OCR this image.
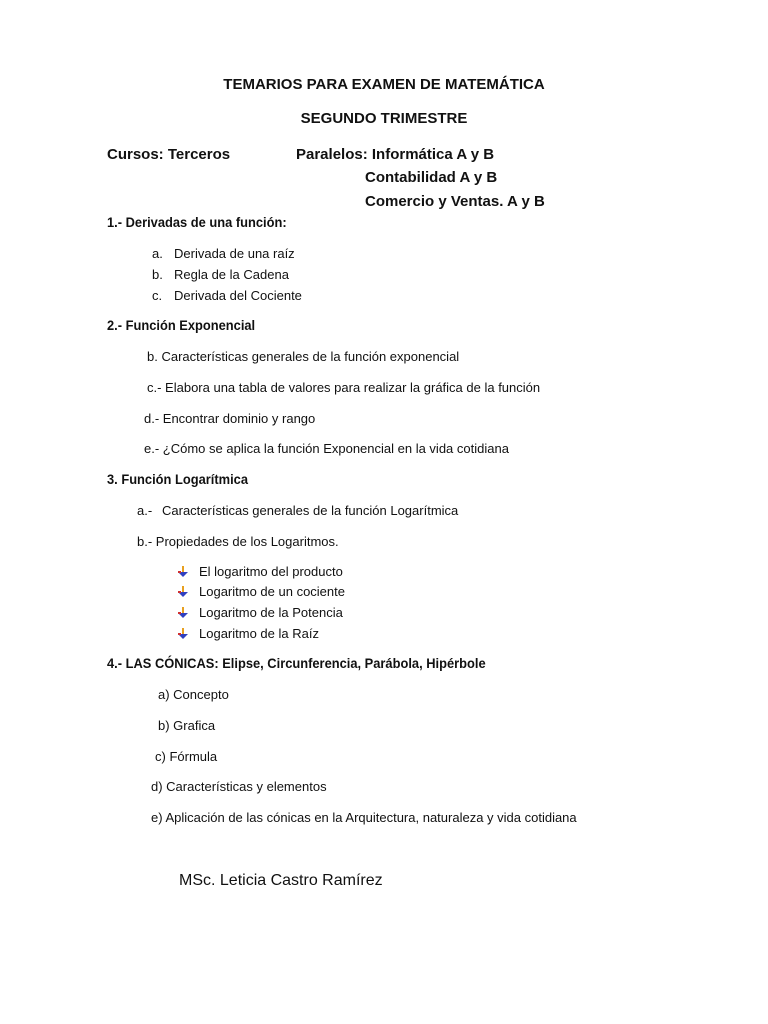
TEMARIOS PARA EXAMEN DE MATEMÁTICA
SEGUNDO TRIMESTRE
Cursos: Terceros	Paralelos: Informática A y B
Contabilidad A y B
Comercio y Ventas. A y B
1.- Derivadas de una función:
a. Derivada de una raíz
b. Regla de la Cadena
c. Derivada del Cociente
2.- Función Exponencial
b. Características generales de la función exponencial
c.- Elabora una tabla de valores para realizar la gráfica de la función
d.- Encontrar dominio y rango
e.- ¿Cómo se aplica la función Exponencial en la vida cotidiana
3. Función Logarítmica
a.- Características generales de la función Logarítmica
b.- Propiedades de los Logaritmos.
El logaritmo del producto
Logaritmo de un cociente
Logaritmo de la Potencia
Logaritmo de la Raíz
4.- LAS CÓNICAS: Elipse, Circunferencia, Parábola, Hipérbole
a) Concepto
b) Grafica
c) Fórmula
d) Características y elementos
e) Aplicación de las cónicas en la Arquitectura, naturaleza y vida cotidiana
MSc. Leticia Castro Ramírez
